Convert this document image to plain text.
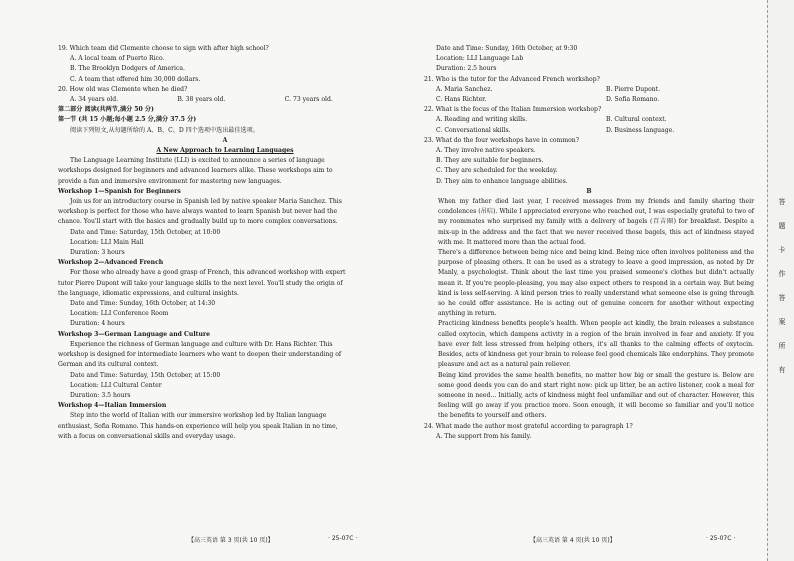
19. Which team did Clemente choose to sign with after high school?
A. A local team of Puerto Rico.
B. The Brooklyn Dodgers of America.
C. A team that offered him 30,000 dollars.
20. How old was Clemente when he died?
A. 34 years old.	B. 38 years old.	C. 73 years old.
第二部分 阅读(共两节,满分 50 分)
第一节 (共 15 小题;每小题 2.5 分,满分 37.5 分)
阅读下列短文,从每题所给的 A、B、C、D 四个选项中选出最佳选项。
A
A New Approach to Learning Languages
The Language Learning Institute (LLI) is excited to announce a series of language
workshops designed for beginners and advanced learners alike. These workshops aim to
provide a fun and immersive environment for mastering new languages.
Workshop 1—Spanish for Beginners
Join us for an introductory course in Spanish led by native speaker Maria Sanchez. This
workshop is perfect for those who have always wanted to learn Spanish but never had the
chance. You'll start with the basics and gradually build up to more complex conversations.
Date and Time: Saturday, 15th October, at 10:00
Location: LLI Main Hall
Duration: 3 hours
Workshop 2—Advanced French
For those who already have a good grasp of French, this advanced workshop with expert
tutor Pierre Dupont will take your language skills to the next level. You'll study the origin of
the language, idiomatic expressions, and cultural insights.
Date and Time: Sunday, 16th October, at 14:30
Location: LLI Conference Room
Duration: 4 hours
Workshop 3—German Language and Culture
Experience the richness of German language and culture with Dr. Hans Richter. This
workshop is designed for intermediate learners who want to deepen their understanding of
German and its cultural context.
Date and Time: Saturday, 15th October, at 15:00
Location: LLI Cultural Center
Duration: 3.5 hours
Workshop 4—Italian Immersion
Step into the world of Italian with our immersive workshop led by Italian language
enthusiast, Sofia Romano. This hands-on experience will help you speak Italian in no time,
with a focus on conversational skills and everyday usage.
【高三英语 第 3 页(共 10 页)】	· 25-07C ·
Date and Time: Sunday, 16th October, at 9:30
Location: LLI Language Lab
Duration: 2.5 hours
21. Who is the tutor for the Advanced French workshop?
A. Maria Sanchez.	B. Pierre Dupont.
C. Hans Richter.	D. Sofia Romano.
22. What is the focus of the Italian Immersion workshop?
A. Reading and writing skills.	B. Cultural context.
C. Conversational skills.	D. Business language.
23. What do the four workshops have in common?
A. They involve native speakers.
B. They are suitable for beginners.
C. They are scheduled for the weekday.
D. They aim to enhance language abilities.
B
When my father died last year, I received messages from my friends and family sharing their condolences (吊唁). While I appreciated everyone who reached out, I was especially grateful to two of my roommates who surprised my family with a delivery of bagels (百吉圈) for breakfast. Despite a mix-up in the address and the fact that we never received those bagels, this act of kindness stayed with me. It mattered more than the actual food.
There's a difference between being nice and being kind. Being nice often involves politeness and the purpose of pleasing others. It can be used as a strategy to leave a good impression, as noted by Dr Manly, a psychologist. Think about the last time you praised someone's clothes but didn't actually mean it. If you're people-pleasing, you may also expect others to respond in a certain way. But being kind is less self-serving. A kind person tries to really understand what someone else is going through so he could offer assistance. He is acting out of genuine concern for another without expecting anything in return.
Practicing kindness benefits people's health. When people act kindly, the brain releases a substance called oxytocin, which dampens activity in a region of the brain involved in fear and anxiety. If you have ever felt less stressed from helping others, it's all thanks to the calming effects of oxytocin. Besides, acts of kindness get your brain to release feel good chemicals like endorphins. They promote pleasure and act as a natural pain reliever.
Being kind provides the same health benefits, no matter how big or small the gesture is. Below are some good deeds you can do and start right now: pick up litter, be an active listener, cook a meal for someone in need... Initially, acts of kindness might feel unfamiliar and out of character. However, this feeling will go away if you practice more. Soon enough, it will become so familiar and you'll notice the benefits to yourself and others.
24. What made the author most grateful according to paragraph 1?
A. The support from his family.
【高三英语 第 4 页(共 10 页)】	· 25-07C ·
答
题
卡
作
答
案
所
有
